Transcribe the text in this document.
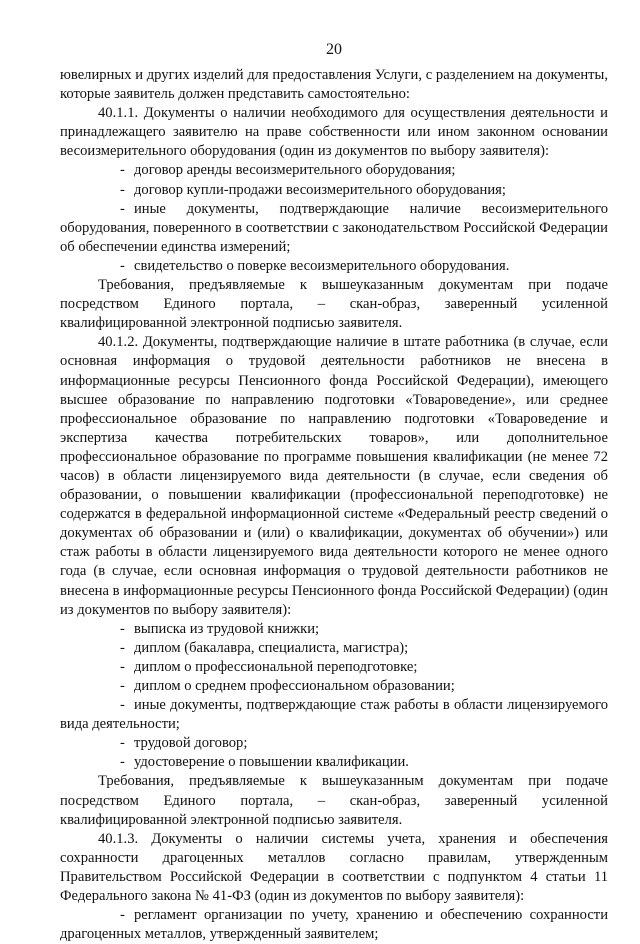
20

ювелирных и других изделий для предоставления Услуги, с разделением на документы, которые заявитель должен представить самостоятельно:

40.1.1. Документы о наличии необходимого для осуществления деятельности и принадлежащего заявителю на праве собственности или ином законном основании весоизмерительного оборудования (один из документов по выбору заявителя):

- договор аренды весоизмерительного оборудования;

- договор купли-продажи весоизмерительного оборудования;

- иные документы, подтверждающие наличие весоизмерительного оборудования, поверенного в соответствии с законодательством Российской Федерации об обеспечении единства измерений;

- свидетельство о поверке весоизмерительного оборудования.

Требования, предъявляемые к вышеуказанным документам при подаче посредством Единого портала, – скан-образ, заверенный усиленной квалифицированной электронной подписью заявителя.

40.1.2. Документы, подтверждающие наличие в штате работника (в случае, если основная информация о трудовой деятельности работников не внесена в информационные ресурсы Пенсионного фонда Российской Федерации), имеющего высшее образование по направлению подготовки «Товароведение», или среднее профессиональное образование по направлению подготовки «Товароведение и экспертиза качества потребительских товаров», или дополнительное профессиональное образование по программе повышения квалификации (не менее 72 часов) в области лицензируемого вида деятельности (в случае, если сведения об образовании, о повышении квалификации (профессиональной переподготовке) не содержатся в федеральной информационной системе «Федеральный реестр сведений о документах об образовании и (или) о квалификации, документах об обучении») или стаж работы в области лицензируемого вида деятельности которого не менее одного года (в случае, если основная информация о трудовой деятельности работников не внесена в информационные ресурсы Пенсионного фонда Российской Федерации) (один из документов по выбору заявителя):

- выписка из трудовой книжки;

- диплом (бакалавра, специалиста, магистра);

- диплом о профессиональной переподготовке;

- диплом о среднем профессиональном образовании;

- иные документы, подтверждающие стаж работы в области лицензируемого вида деятельности;

- трудовой договор;

- удостоверение о повышении квалификации.

Требования, предъявляемые к вышеуказанным документам при подаче посредством Единого портала, – скан-образ, заверенный усиленной квалифицированной электронной подписью заявителя.

40.1.3. Документы о наличии системы учета, хранения и обеспечения сохранности драгоценных металлов согласно правилам, утвержденным Правительством Российской Федерации в соответствии с подпунктом 4 статьи 11 Федерального закона № 41-ФЗ (один из документов по выбору заявителя):

- регламент организации по учету, хранению и обеспечению сохранности драгоценных металлов, утвержденный заявителем;
